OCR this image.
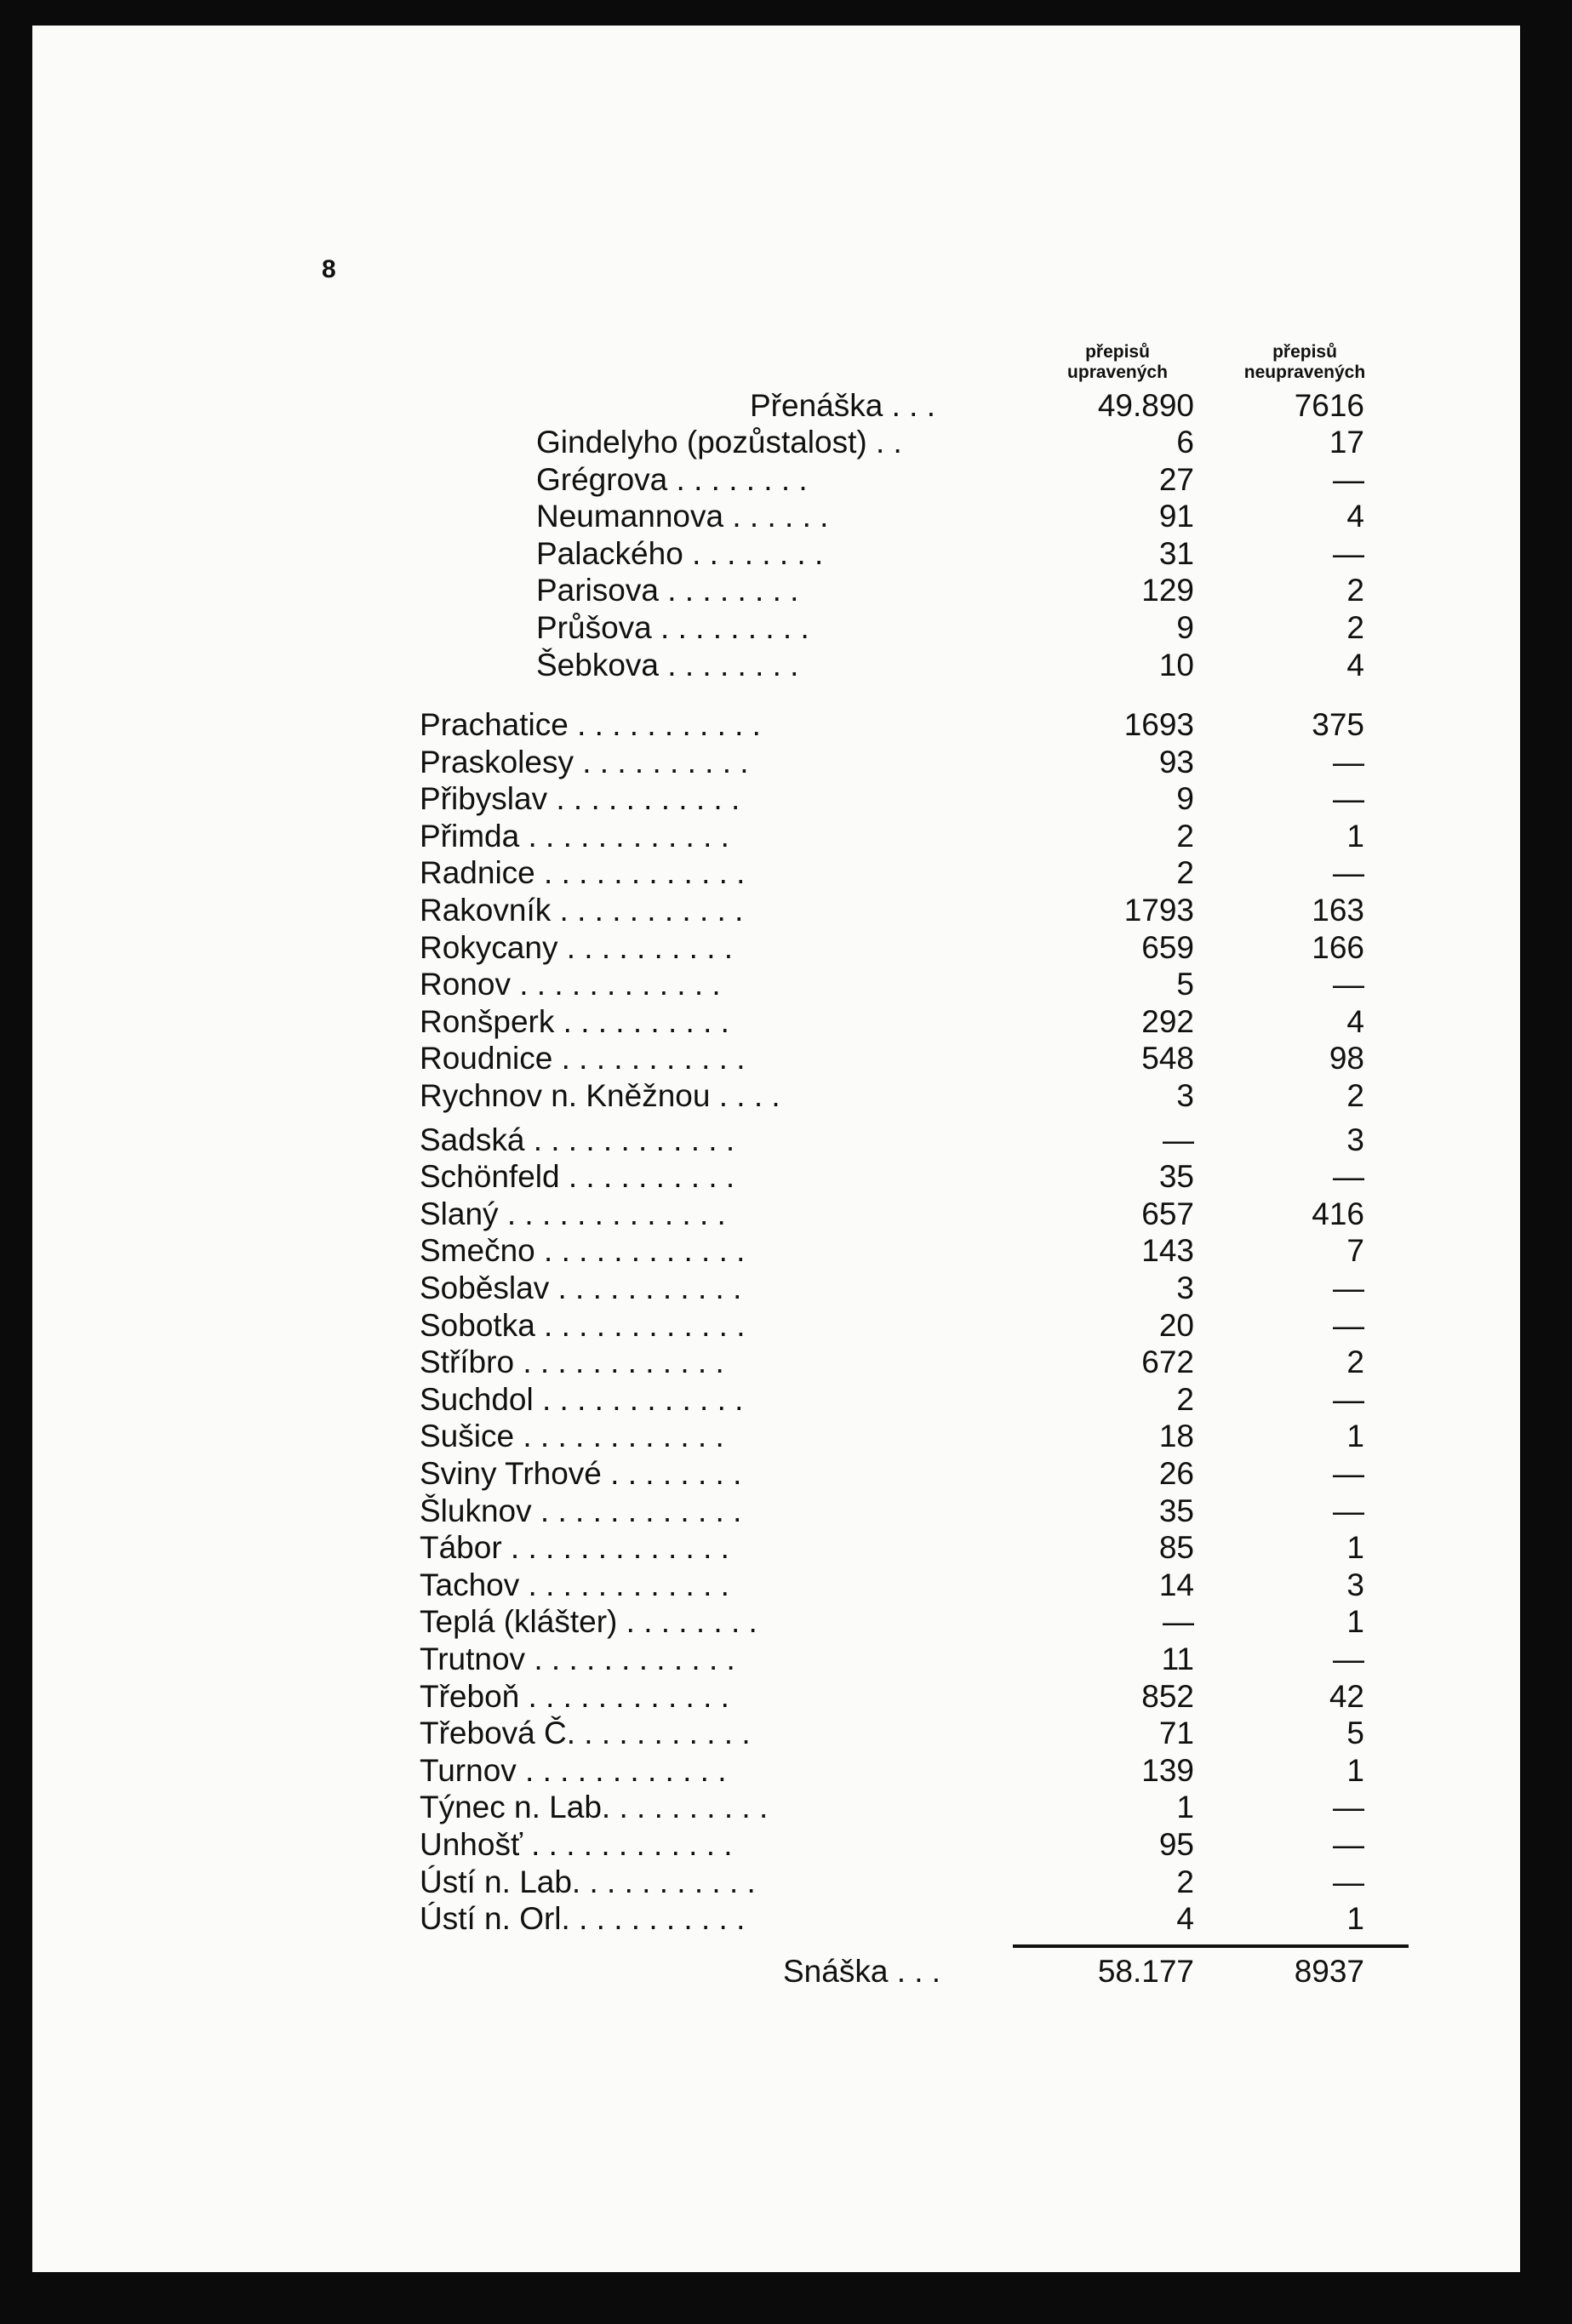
8
přepisů
upravených
přepisů
neupravených
Přenáška . . .	49.890	7616
Gindelyho (pozůstalost) . .	6	17
Grégrova . . . . . . . .	27	—
Neumannova . . . . . .	91	4
Palackého . . . . . . . .	31	—
Parisova . . . . . . . .	129	2
Průšova . . . . . . . . .	9	2
Šebkova . . . . . . . .	10	4
Prachatice . . . . . . . . . . .	1693	375
Praskolesy . . . . . . . . . .	93	—
Přibyslav . . . . . . . . . . .	9	—
Přimda . . . . . . . . . . . .	2	1
Radnice . . . . . . . . . . . .	2	—
Rakovník . . . . . . . . . . .	1793	163
Rokycany . . . . . . . . . .	659	166
Ronov . . . . . . . . . . . .	5	—
Ronšperk . . . . . . . . . .	292	4
Roudnice . . . . . . . . . . .	548	98
Rychnov n. Kněžnou . . . .	3	2
Sadská . . . . . . . . . . . .	—	3
Schönfeld . . . . . . . . . .	35	—
Slaný . . . . . . . . . . . . .	657	416
Smečno . . . . . . . . . . . .	143	7
Soběslav . . . . . . . . . . .	3	—
Sobotka . . . . . . . . . . . .	20	—
Stříbro . . . . . . . . . . . .	672	2
Suchdol . . . . . . . . . . . .	2	—
Sušice . . . . . . . . . . . .	18	1
Sviny Trhové . . . . . . . .	26	—
Šluknov . . . . . . . . . . . .	35	—
Tábor . . . . . . . . . . . . .	85	1
Tachov . . . . . . . . . . . .	14	3
Teplá (klášter) . . . . . . . .	—	1
Trutnov . . . . . . . . . . . .	11	—
Třeboň . . . . . . . . . . . .	852	42
Třebová Č. . . . . . . . . . .	71	5
Turnov . . . . . . . . . . . .	139	1
Týnec n. Lab. . . . . . . . . .	1	—
Unhošť . . . . . . . . . . . .	95	—
Ústí n. Lab. . . . . . . . . . .	2	—
Ústí n. Orl. . . . . . . . . . .	4	1
Snáška . . .	58.177	8937
